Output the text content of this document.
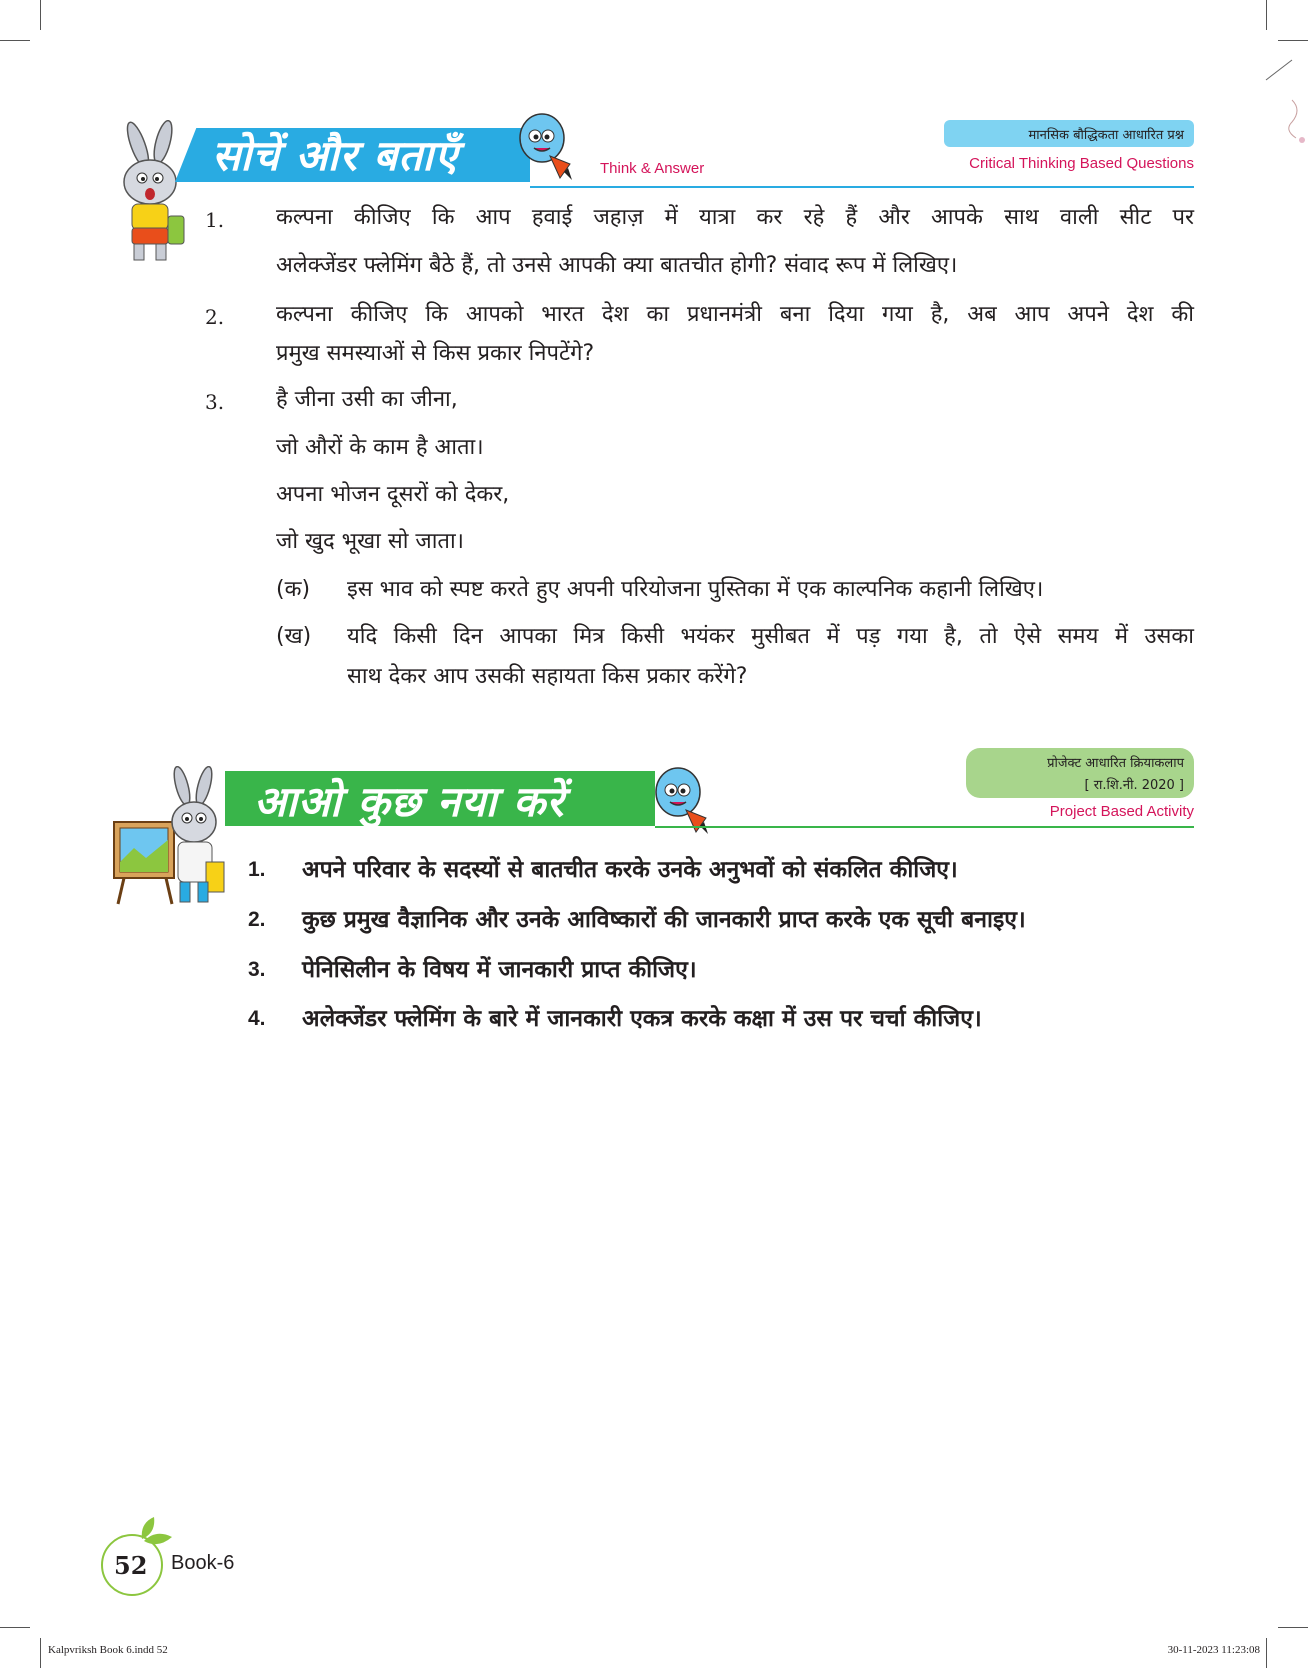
सोचें और बताएँ	Think & Answer
मानसिक बौद्धिकता आधारित प्रश्न
Critical Thinking Based Questions
1. कल्पना कीजिए कि आप हवाई जहाज़ में यात्रा कर रहे हैं और आपके साथ वाली सीट पर
अलेक्जेंडर फ्लेमिंग बैठे हैं, तो उनसे आपकी क्या बातचीत होगी? संवाद रूप में लिखिए।
2. कल्पना कीजिए कि आपको भारत देश का प्रधानमंत्री बना दिया गया है, अब आप अपने देश की
प्रमुख समस्याओं से किस प्रकार निपटेंगे?
3. है जीना उसी का जीना,
जो औरों के काम है आता।
अपना भोजन दूसरों को देकर,
जो खुद भूखा सो जाता।
(क) इस भाव को स्पष्ट करते हुए अपनी परियोजना पुस्तिका में एक काल्पनिक कहानी लिखिए।
(ख) यदि किसी दिन आपका मित्र किसी भयंकर मुसीबत में पड़ गया है, तो ऐसे समय में उसका
साथ देकर आप उसकी सहायता किस प्रकार करेंगे?
आओ कुछ नया करें
प्रोजेक्ट आधारित क्रियाकलाप
[ रा.शि.नी. 2020 ]
Project Based Activity
1. अपने परिवार के सदस्यों से बातचीत करके उनके अनुभवों को संकलित कीजिए।
2. कुछ प्रमुख वैज्ञानिक और उनके आविष्कारों की जानकारी प्राप्त करके एक सूची बनाइए।
3. पेनिसिलीन के विषय में जानकारी प्राप्त कीजिए।
4. अलेक्जेंडर फ्लेमिंग के बारे में जानकारी एकत्र करके कक्षा में उस पर चर्चा कीजिए।
52 Book-6
Kalpvriksh Book 6.indd 52	30-11-2023 11:23:08
